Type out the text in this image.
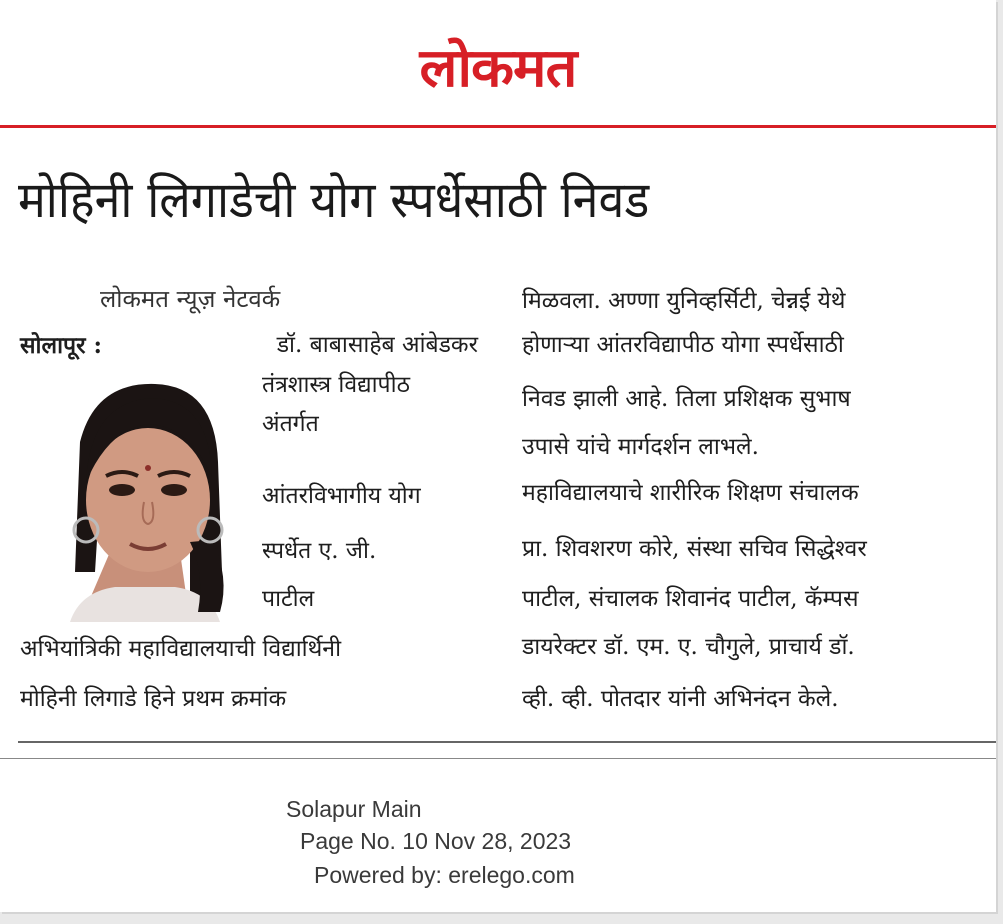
लोकमत
मोहिनी लिगाडेची योग स्पर्धेसाठी निवड
लोकमत न्यूज़ नेटवर्क
सोलापूर :	डॉ. बाबासाहेब आंबेडकर
तंत्रशास्त्र विद्यापीठ
अंतर्गत
आंतरविभागीय योग
स्पर्धेत ए. जी.
पाटील
अभियांत्रिकी महाविद्यालयाची विद्यार्थिनी
मोहिनी लिगाडे हिने प्रथम क्रमांक
मिळवला. अण्णा युनिव्हर्सिटी, चेन्नई येथे
होणाऱ्या आंतरविद्यापीठ योगा स्पर्धेसाठी
निवड झाली आहे. तिला प्रशिक्षक सुभाष
उपासे यांचे मार्गदर्शन लाभले.
महाविद्यालयाचे शारीरिक शिक्षण संचालक
प्रा. शिवशरण कोरे, संस्था सचिव सिद्धेश्वर
पाटील, संचालक शिवानंद पाटील, कॅम्पस
डायरेक्टर डॉ. एम. ए. चौगुले, प्राचार्य डॉ.
व्ही. व्ही. पोतदार यांनी अभिनंदन केले.
Solapur Main
Page No. 10 Nov 28, 2023
Powered by: erelego.com
